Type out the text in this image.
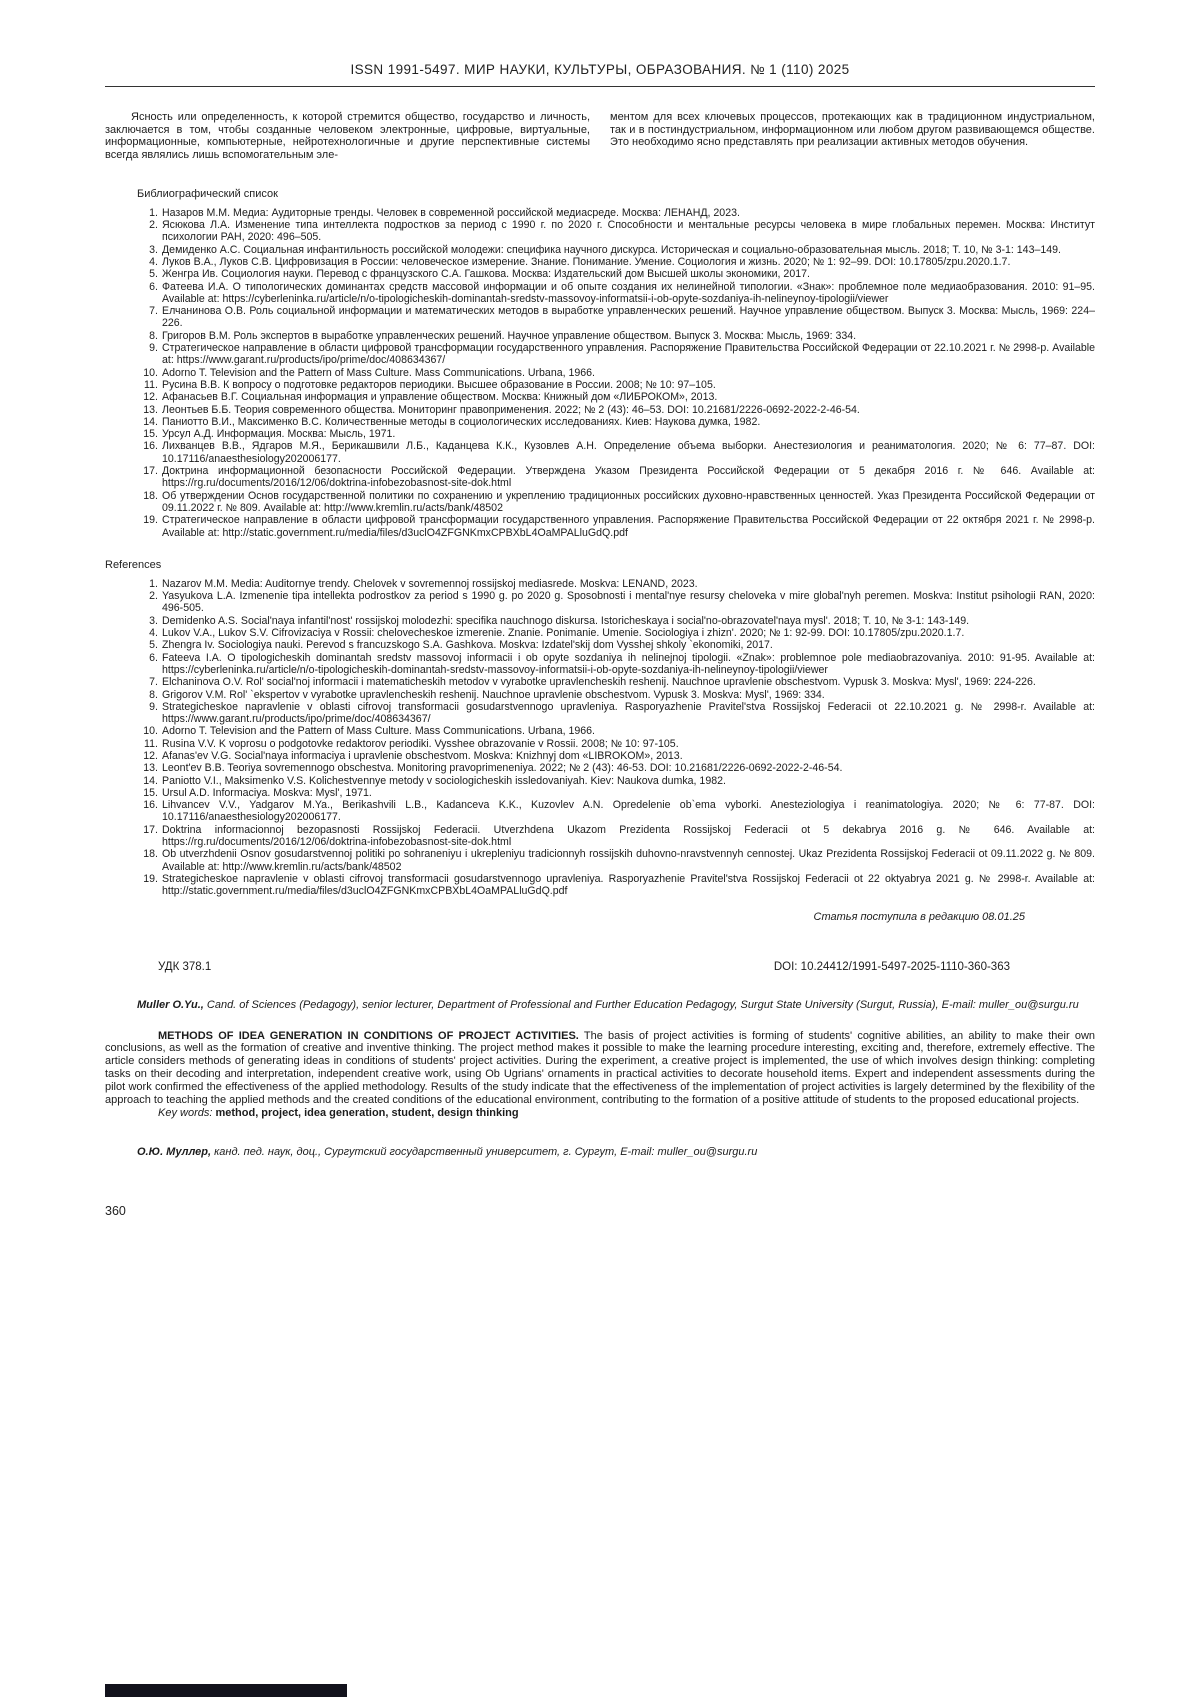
ISSN 1991-5497. МИР НАУКИ, КУЛЬТУРЫ, ОБРАЗОВАНИЯ. № 1 (110) 2025
Ясность или определенность, к которой стремится общество, государство и личность, заключается в том, чтобы созданные человеком электронные, цифровые, виртуальные, информационные, компьютерные, нейротехнологичные и другие перспективные системы всегда являлись лишь вспомогательным эле-
ментом для всех ключевых процессов, протекающих как в традиционном индустриальном, так и в постиндустриальном, информационном или любом другом развивающемся обществе. Это необходимо ясно представлять при реализации активных методов обучения.
Библиографический список
Назаров М.М. Медиа: Аудиторные тренды. Человек в современной российской медиасреде. Москва: ЛЕНАНД, 2023.
Ясюкова Л.А. Изменение типа интеллекта подростков за период с 1990 г. по 2020 г. Способности и ментальные ресурсы человека в мире глобальных перемен. Москва: Институт психологии РАН, 2020: 496–505.
Демиденко А.С. Социальная инфантильность российской молодежи: специфика научного дискурса. Историческая и социально-образовательная мысль. 2018; Т. 10, № 3-1: 143–149.
Луков В.А., Луков С.В. Цифровизация в России: человеческое измерение. Знание. Понимание. Умение. Социология и жизнь. 2020; № 1: 92–99. DOI: 10.17805/zpu.2020.1.7.
Женгра Ив. Социология науки. Перевод с французского С.А. Гашкова. Москва: Издательский дом Высшей школы экономики, 2017.
Фатеева И.А. О типологических доминантах средств массовой информации и об опыте создания их нелинейной типологии. «Знак»: проблемное поле медиаобразования. 2010: 91–95. Available at: https://cyberleninka.ru/article/n/o-tipologicheskih-dominantah-sredstv-massovoy-informatsii-i-ob-opyte-sozdaniya-ih-nelineynoy-tipologii/viewer
Елчанинова О.В. Роль социальной информации и математических методов в выработке управленческих решений. Научное управление обществом. Выпуск 3. Москва: Мысль, 1969: 224–226.
Григоров В.М. Роль экспертов в выработке управленческих решений. Научное управление обществом. Выпуск 3. Москва: Мысль, 1969: 334.
Стратегическое направление в области цифровой трансформации государственного управления. Распоряжение Правительства Российской Федерации от 22.10.2021 г. № 2998-р. Available at: https://www.garant.ru/products/ipo/prime/doc/408634367/
Adorno T. Television and the Pattern of Mass Culture. Mass Communications. Urbana, 1966.
Русина В.В. К вопросу о подготовке редакторов периодики. Высшее образование в России. 2008; № 10: 97–105.
Афанасьев В.Г. Социальная информация и управление обществом. Москва: Книжный дом «ЛИБРОКОМ», 2013.
Леонтьев Б.Б. Теория современного общества. Мониторинг правоприменения. 2022; № 2 (43): 46–53. DOI: 10.21681/2226-0692-2022-2-46-54.
Паниотто В.И., Максименко В.С. Количественные методы в социологических исследованиях. Киев: Наукова думка, 1982.
Урсул А.Д. Информация. Москва: Мысль, 1971.
Лихванцев В.В., Ядгаров М.Я., Берикашвили Л.Б., Каданцева К.К., Кузовлев А.Н. Определение объема выборки. Анестезиология и реаниматология. 2020; № 6: 77–87. DOI: 10.17116/anaesthesiology202006177.
Доктрина информационной безопасности Российской Федерации. Утверждена Указом Президента Российской Федерации от 5 декабря 2016 г. № 646. Available at: https://rg.ru/documents/2016/12/06/doktrina-infobezobasnost-site-dok.html
Об утверждении Основ государственной политики по сохранению и укреплению традиционных российских духовно-нравственных ценностей. Указ Президента Российской Федерации от 09.11.2022 г. № 809. Available at: http://www.kremlin.ru/acts/bank/48502
Стратегическое направление в области цифровой трансформации государственного управления. Распоряжение Правительства Российской Федерации от 22 октября 2021 г. № 2998-р. Available at: http://static.government.ru/media/files/d3uclO4ZFGNKmxCPBXbL4OaMPALluGdQ.pdf
References
Nazarov M.M. Media: Auditornye trendy. Chelovek v sovremennoj rossijskoj mediasrede. Moskva: LENAND, 2023.
Yasyukova L.A. Izmenenie tipa intellekta podrostkov za period s 1990 g. po 2020 g. Sposobnosti i mental'nye resursy cheloveka v mire global'nyh peremen. Moskva: Institut psihologii RAN, 2020: 496-505.
Demidenko A.S. Social'naya infantil'nost' rossijskoj molodezhi: specifika nauchnogo diskursa. Istoricheskaya i social'no-obrazovatel'naya mysl'. 2018; T. 10, № 3-1: 143-149.
Lukov V.A., Lukov S.V. Cifrovizaciya v Rossii: chelovecheskoe izmerenie. Znanie. Ponimanie. Umenie. Sociologiya i zhizn'. 2020; № 1: 92-99. DOI: 10.17805/zpu.2020.1.7.
Zhengra Iv. Sociologiya nauki. Perevod s francuzskogo S.A. Gashkova. Moskva: Izdatel'skij dom Vysshej shkoly `ekonomiki, 2017.
Fateeva I.A. O tipologicheskih dominantah sredstv massovoj informacii i ob opyte sozdaniya ih nelinejnoj tipologii. «Znak»: problemnoe pole mediaobrazovaniya. 2010: 91-95. Available at: https://cyberleninka.ru/article/n/o-tipologicheskih-dominantah-sredstv-massovoy-informatsii-i-ob-opyte-sozdaniya-ih-nelineynoy-tipologii/viewer
Elchaninova O.V. Rol' social'noj informacii i matematicheskih metodov v vyrabotke upravlencheskih reshenij. Nauchnoe upravlenie obschestvom. Vypusk 3. Moskva: Mysl', 1969: 224-226.
Grigorov V.M. Rol' `ekspertov v vyrabotke upravlencheskih reshenij. Nauchnoe upravlenie obschestvom. Vypusk 3. Moskva: Mysl', 1969: 334.
Strategicheskoe napravlenie v oblasti cifrovoj transformacii gosudarstvennogo upravleniya. Rasporyazhenie Pravitel'stva Rossijskoj Federacii ot 22.10.2021 g. № 2998-r. Available at: https://www.garant.ru/products/ipo/prime/doc/408634367/
Adorno T. Television and the Pattern of Mass Culture. Mass Communications. Urbana, 1966.
Rusina V.V. K voprosu o podgotovke redaktorov periodiki. Vysshee obrazovanie v Rossii. 2008; № 10: 97-105.
Afanas'ev V.G. Social'naya informaciya i upravlenie obschestvom. Moskva: Knizhnyj dom «LIBROKOM», 2013.
Leont'ev B.B. Teoriya sovremennogo obschestva. Monitoring pravoprimeneniya. 2022; № 2 (43): 46-53. DOI: 10.21681/2226-0692-2022-2-46-54.
Paniotto V.I., Maksimenko V.S. Kolichestvennye metody v sociologicheskih issledovaniyah. Kiev: Naukova dumka, 1982.
Ursul A.D. Informaciya. Moskva: Mysl', 1971.
Lihvancev V.V., Yadgarov M.Ya., Berikashvili L.B., Kadanceva K.K., Kuzovlev A.N. Opredelenie ob`ema vyborki. Anesteziologiya i reanimatologiya. 2020; № 6: 77-87. DOI: 10.17116/anaesthesiology202006177.
Doktrina informacionnoj bezopasnosti Rossijskoj Federacii. Utverzhdena Ukazom Prezidenta Rossijskoj Federacii ot 5 dekabrya 2016 g. № 646. Available at: https://rg.ru/documents/2016/12/06/doktrina-infobezobasnost-site-dok.html
Ob utverzhdenii Osnov gosudarstvennoj politiki po sohraneniyu i ukrepleniyu tradicionnyh rossijskih duhovno-nravstvennyh cennostej. Ukaz Prezidenta Rossijskoj Federacii ot 09.11.2022 g. № 809. Available at: http://www.kremlin.ru/acts/bank/48502
Strategicheskoe napravlenie v oblasti cifrovoj transformacii gosudarstvennogo upravleniya. Rasporyazhenie Pravitel'stva Rossijskoj Federacii ot 22 oktyabrya 2021 g. № 2998-r. Available at: http://static.government.ru/media/files/d3uclO4ZFGNKmxCPBXbL4OaMPALluGdQ.pdf
Статья поступила в редакцию 08.01.25
УДК 378.1	DOI: 10.24412/1991-5497-2025-1110-360-363

Muller O.Yu., Cand. of Sciences (Pedagogy), senior lecturer, Department of Professional and Further Education Pedagogy, Surgut State University (Surgut, Russia), E-mail: muller_ou@surgu.ru

METHODS OF IDEA GENERATION IN CONDITIONS OF PROJECT ACTIVITIES. The basis of project activities is forming of students' cognitive abilities, an ability to make their own conclusions, as well as the formation of creative and inventive thinking. The project method makes it possible to make the learning procedure interesting, exciting and, therefore, extremely effective. The article considers methods of generating ideas in conditions of students' project activities. During the experiment, a creative project is implemented, the use of which involves design thinking: completing tasks on their decoding and interpretation, independent creative work, using Ob Ugrians' ornaments in practical activities to decorate household items. Expert and independent assessments during the pilot work confirmed the effectiveness of the applied methodology. Results of the study indicate that the effectiveness of the implementation of project activities is largely determined by the flexibility of the approach to teaching the applied methods and the created conditions of the educational environment, contributing to the formation of a positive attitude of students to the proposed educational projects.

Key words: method, project, idea generation, student, design thinking

О.Ю. Муллер, канд. пед. наук, доц., Сургутский государственный университет, г. Сургут, E-mail: muller_ou@surgu.ru

360
